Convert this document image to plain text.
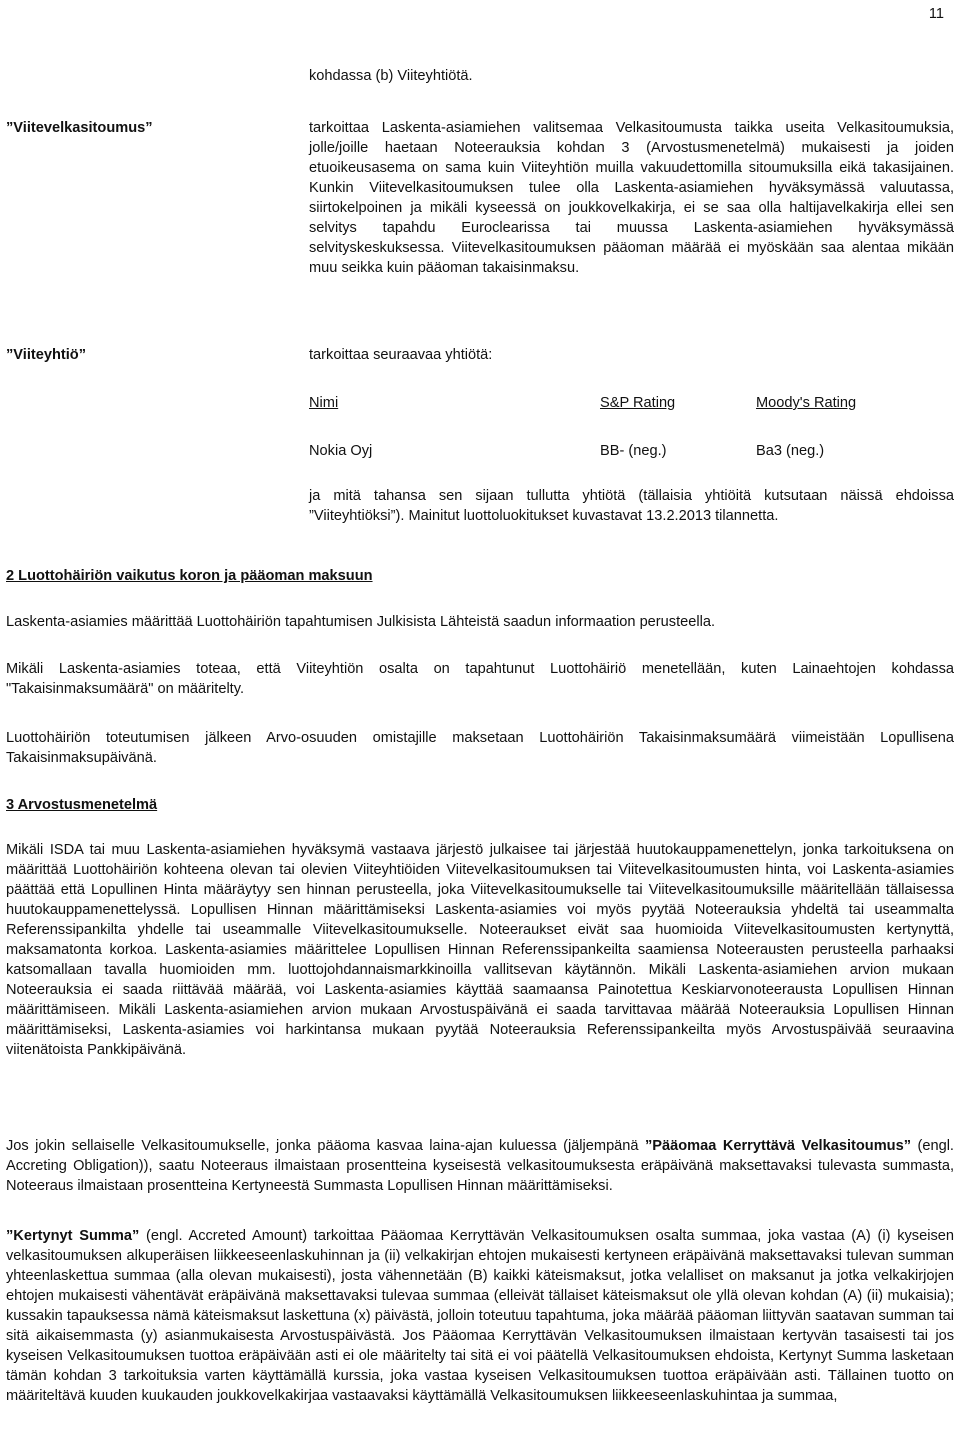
11
kohdassa (b) Viiteyhtiötä.
”Viitevelkasitoumus”	tarkoittaa Laskenta-asiamiehen valitsemaa Velkasitoumusta taikka useita Velkasitoumuksia, jolle/joille haetaan Noteerauksia kohdan 3 (Arvostusmenetelmä) mukaisesti ja joiden etuoikeusasema on sama kuin Viiteyhtiön muilla vakuudettomilla sitoumuksilla eikä takasijainen. Kunkin Viitevelkasitoumuksen tulee olla Laskenta-asiamiehen hyväksymässä valuutassa, siirtokelpoinen ja mikäli kyseessä on joukkovelkakirja, ei se saa olla haltijavelkakirja ellei sen selvitys tapahdu Euroclearissa tai muussa Laskenta-asiamiehen hyväksymässä selvityskeskuksessa. Viitevelkasitoumuksen pääoman määrää ei myöskään saa alentaa mikään muu seikka kuin pääoman takaisinmaksu.
”Viiteyhtiö”	tarkoittaa seuraavaa yhtiötä:
Nimi	S&P Rating	Moody's Rating
Nokia Oyj	BB- (neg.)	Ba3 (neg.)
ja mitä tahansa sen sijaan tullutta yhtiötä (tällaisia yhtiöitä kutsutaan näissä ehdoissa ”Viiteyhtiöksi”). Mainitut luottoluokitukset kuvastavat 13.2.2013 tilannetta.
2 Luottohäiriön vaikutus koron ja pääoman maksuun
Laskenta-asiamies määrittää Luottohäiriön tapahtumisen Julkisista Lähteistä saadun informaation perusteella.
Mikäli Laskenta-asiamies toteaa, että Viiteyhtiön osalta on tapahtunut Luottohäiriö menetellään, kuten Lainaehtojen kohdassa "Takaisinmaksumäärä" on määritelty.
Luottohäiriön toteutumisen jälkeen Arvo-osuuden omistajille maksetaan Luottohäiriön Takaisinmaksumäärä viimeistään Lopullisena Takaisinmaksupäivänä.
3 Arvostusmenetelmä
Mikäli ISDA tai muu Laskenta-asiamiehen hyväksymä vastaava järjestö julkaisee tai järjestää huutokauppamenettelyn, jonka tarkoituksena on määrittää Luottohäiriön kohteena olevan tai olevien Viiteyhtiöiden Viitevelkasitoumuksen tai Viitevelkasitoumusten hinta, voi Laskenta-asiamies päättää että Lopullinen Hinta määräytyy sen hinnan perusteella, joka Viitevelkasitoumukselle tai Viitevelkasitoumuksille määritellään tällaisessa huutokauppamenettelyssä. Lopullisen Hinnan määrittämiseksi Laskenta-asiamies voi myös pyytää Noteerauksia yhdeltä tai useammalta Referenssipankilta yhdelle tai useammalle Viitevelkasitoumukselle. Noteeraukset eivät saa huomioida Viitevelkasitoumusten kertynyttä, maksamatonta korkoa. Laskenta-asiamies määrittelee Lopullisen Hinnan Referenssipankeilta saamiensa Noteerausten perusteella parhaaksi katsomallaan tavalla huomioiden mm. luottojohdannaismarkkinoilla vallitsevan käytännön. Mikäli Laskenta-asiamiehen arvion mukaan Noteerauksia ei saada riittävää määrää, voi Laskenta-asiamies käyttää saamaansa Painotettua Keskiarvonoteerausta Lopullisen Hinnan määrittämiseen. Mikäli Laskenta-asiamiehen arvion mukaan Arvostuspäivänä ei saada tarvittavaa määrää Noteerauksia Lopullisen Hinnan määrittämiseksi, Laskenta-asiamies voi harkintansa mukaan pyytää Noteerauksia Referenssipankeilta myös Arvostuspäivää seuraavina viitenätoista Pankkipäivänä.
Jos jokin sellaiselle Velkasitoumukselle, jonka pääoma kasvaa laina-ajan kuluessa (jäljempänä ”Pääomaa Kerryttävä Velkasitoumus” (engl. Accreting Obligation)), saatu Noteeraus ilmaistaan prosentteina kyseisestä velkasitoumuksesta eräpäivänä maksettavaksi tulevasta summasta, Noteeraus ilmaistaan prosentteina Kertyneestä Summasta Lopullisen Hinnan määrittämiseksi.
”Kertynyt Summa” (engl. Accreted Amount) tarkoittaa Pääomaa Kerryttävän Velkasitoumuksen osalta summaa, joka vastaa (A) (i) kyseisen velkasitoumuksen alkuperäisen liikkeeseenlaskuhinnan ja (ii) velkakirjan ehtojen mukaisesti kertyneen eräpäivänä maksettavaksi tulevan summan yhteenlaskettua summaa (alla olevan mukaisesti), josta vähennetään (B) kaikki käteismaksut, jotka velalliset on maksanut ja jotka velkakirjojen ehtojen mukaisesti vähentävät eräpäivänä maksettavaksi tulevaa summaa (elleivät tällaiset käteismaksut ole yllä olevan kohdan (A) (ii) mukaisia); kussakin tapauksessa nämä käteismaksut laskettuna (x) päivästä, jolloin toteutuu tapahtuma, joka määrää pääoman liittyvän saatavan summan tai sitä aikaisemmasta (y) asianmukaisesta Arvostuspäivästä. Jos Pääomaa Kerryttävän Velkasitoumuksen ilmaistaan kertyvän tasaisesti tai jos kyseisen Velkasitoumuksen tuottoa eräpäivään asti ei ole määritelty tai sitä ei voi päätellä Velkasitoumuksen ehdoista, Kertynyt Summa lasketaan tämän kohdan 3 tarkoituksia varten käyttämällä kurssia, joka vastaa kyseisen Velkasitoumuksen tuottoa eräpäivään asti. Tällainen tuotto on määriteltävä kuuden kuukauden joukkovelkakirjaa vastaavaksi käyttämällä Velkasitoumuksen liikkeeseenlaskuhintaa ja summaa,
